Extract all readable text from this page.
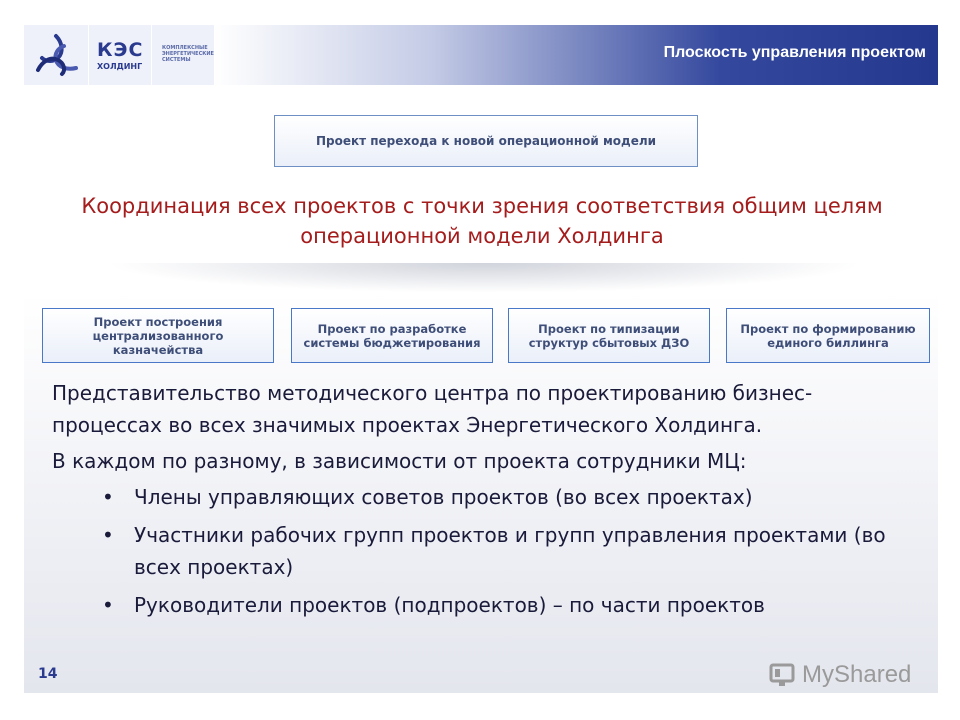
КЭС
ХОЛДИНГ
КОМПЛЕКСНЫЕ ЭНЕРГЕТИЧЕСКИЕ СИСТЕМЫ	Плоскость управления проектом
Проект перехода к новой операционной модели
Координация всех проектов с точки зрения соответствия общим целям операционной модели Холдинга
Проект построения централизованного казначейства
Проект по разработке системы бюджетирования
Проект по типизации структур сбытовых ДЗО
Проект по формированию единого биллинга

Представительство методического центра по проектированию бизнес-процессах во всех значимых проектах Энергетического Холдинга.

В каждом по разному, в зависимости от проекта сотрудники МЦ:

• Члены управляющих советов проектов (во всех проектах)
• Участники рабочих групп проектов и групп управления проектами (во всех проектах)
• Руководители проектов (подпроектов) – по части проектов
14	MyShared
